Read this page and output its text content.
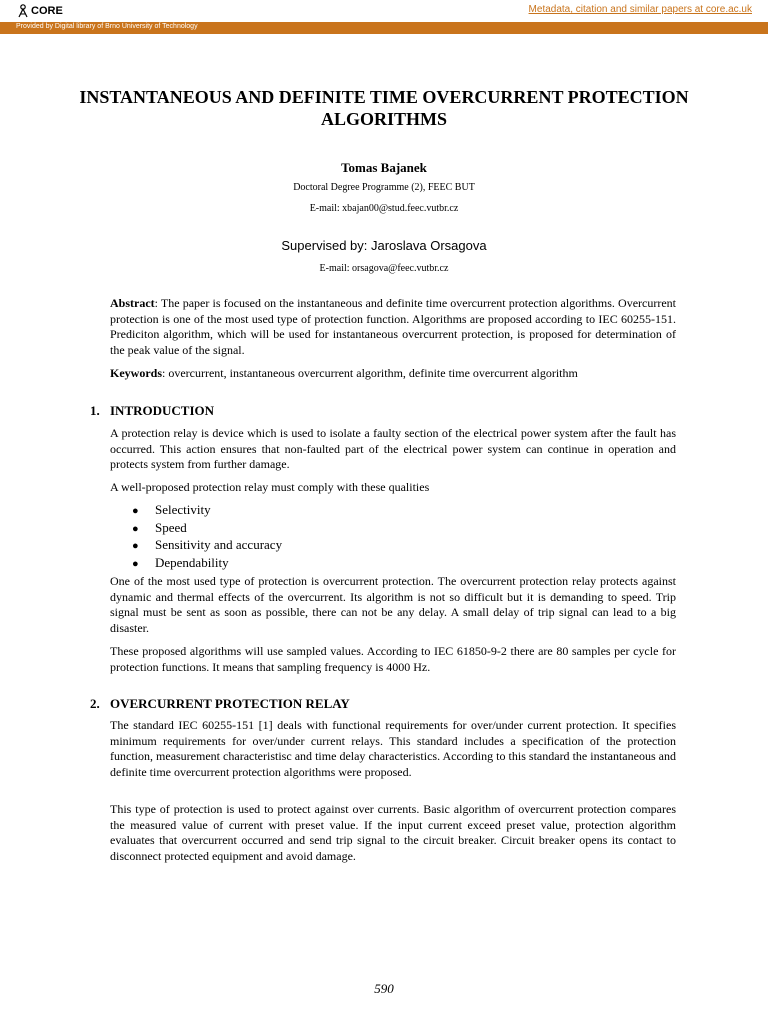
CORE	Metadata, citation and similar papers at core.ac.uk
Provided by Digital library of Brno University of Technology
INSTANTANEOUS AND DEFINITE TIME OVERCURRENT PROTECTION ALGORITHMS
Tomas Bajanek
Doctoral Degree Programme (2), FEEC BUT
E-mail: xbajan00@stud.feec.vutbr.cz
Supervised by: Jaroslava Orsagova
E-mail: orsagova@feec.vutbr.cz
Abstract: The paper is focused on the instantaneous and definite time overcurrent protection algorithms. Overcurrent protection is one of the most used type of protection function. Algorithms are proposed according to IEC 60255-151. Prediciton algorithm, which will be used for instantaneous overcurrent protection, is proposed for determination of the peak value of the signal.
Keywords: overcurrent, instantaneous overcurrent algorithm, definite time overcurrent algorithm
1. INTRODUCTION
A protection relay is device which is used to isolate a faulty section of the electrical power system after the fault has occurred. This action ensures that non-faulted part of the electrical power system can continue in operation and protects system from further damage.
A well-proposed protection relay must comply with these qualities
●	Selectivity
●	Speed
●	Sensitivity and accuracy
●	Dependability
One of the most used type of protection is overcurrent protection. The overcurrent protection relay protects against dynamic and thermal effects of the overcurrent. Its algorithm is not so difficult but it is demanding to speed. Trip signal must be sent as soon as possible, there can not be any delay. A small delay of trip signal can lead to a big disaster.
These proposed algorithms will use sampled values. According to IEC 61850-9-2 there are 80 samples per cycle for protection functions. It means that sampling frequency is 4000 Hz.
2. OVERCURRENT PROTECTION RELAY
The standard IEC 60255-151 [1] deals with functional requirements for over/under current protection. It specifies minimum requirements for over/under current relays. This standard includes a specification of the protection function, measurement characteristisc and time delay characteristics. According to this standard the instantaneous and definite time overcurrent protection algorithms were proposed.
This type of protection is used to protect against over currents. Basic algorithm of overcurrent protection compares the measured value of current with preset value. If the input current exceed preset value, protection algorithm evaluates that overcurrent occurred and send trip signal to the circuit breaker. Circuit breaker opens its contact to disconnect protected equipment and avoid damage.
590
